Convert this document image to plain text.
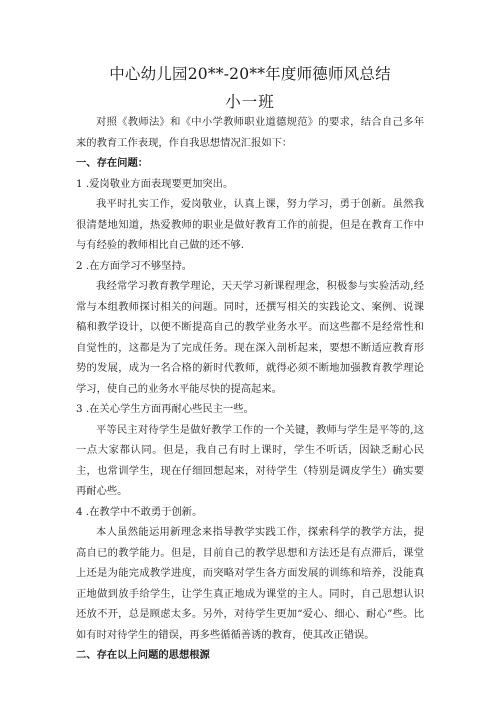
中心幼儿园20**-20**年度师德师风总结
小一班

对照《教师法》和《中小学教师职业道德规范》的要求，结合自己多年来的教育工作表现，作自我思想情况汇报如下：

一、存在问题：

1 .爱岗敬业方面表现要更加突出。

我平时扎实工作，爱岗敬业，认真上课，努力学习，勇于创新。虽然我很清楚地知道，热爱教师的职业是做好教育工作的前提，但是在教育工作中与有经验的教师相比自己做的还不够.

2 .在方面学习不够坚持。

我经常学习教育教学理论，天天学习新课程理念，积极参与实验活动,经常与本组教师探讨相关的问题。同时，还撰写相关的实践论文、案例、说课稿和教学设计，以便不断提高自己的教学业务水平。而这些都不是经常性和自觉性的，这都是为了完成任务。现在深入剖析起来，要想不断适应教育形势的发展，成为一名合格的新时代教师，就得必须不断地加强教育教学理论学习，使自己的业务水平能尽快的提高起来。

3 .在关心学生方面再耐心些民主一些。

平等民主对待学生是做好教学工作的一个关键，教师与学生是平等的,这一点大家都认同。但是，我自己有时上课时，学生不听话，因缺乏耐心民主，也常训学生，现在仔细回想起来，对待学生（特别是调皮学生）确实要再耐心些。

4 .在教学中不敢勇于创新。

本人虽然能运用新理念来指导教学实践工作，探索科学的教学方法，提高自已的教学能力。但是，目前自己的教学思想和方法还是有点滞后，课堂上还是为能完成教学进度，而突略对学生各方面发展的训练和培养，没能真正地做到放手给学生，让学生真正地成为课堂的主人。同时，自己思想认识还放不开，总是顾虑太多。另外，对待学生更加“爱心、细心、耐心”些。比如有时对待学生的错误，再多些循循善诱的教育，使其改正错误。

二、存在以上问题的思想根源
